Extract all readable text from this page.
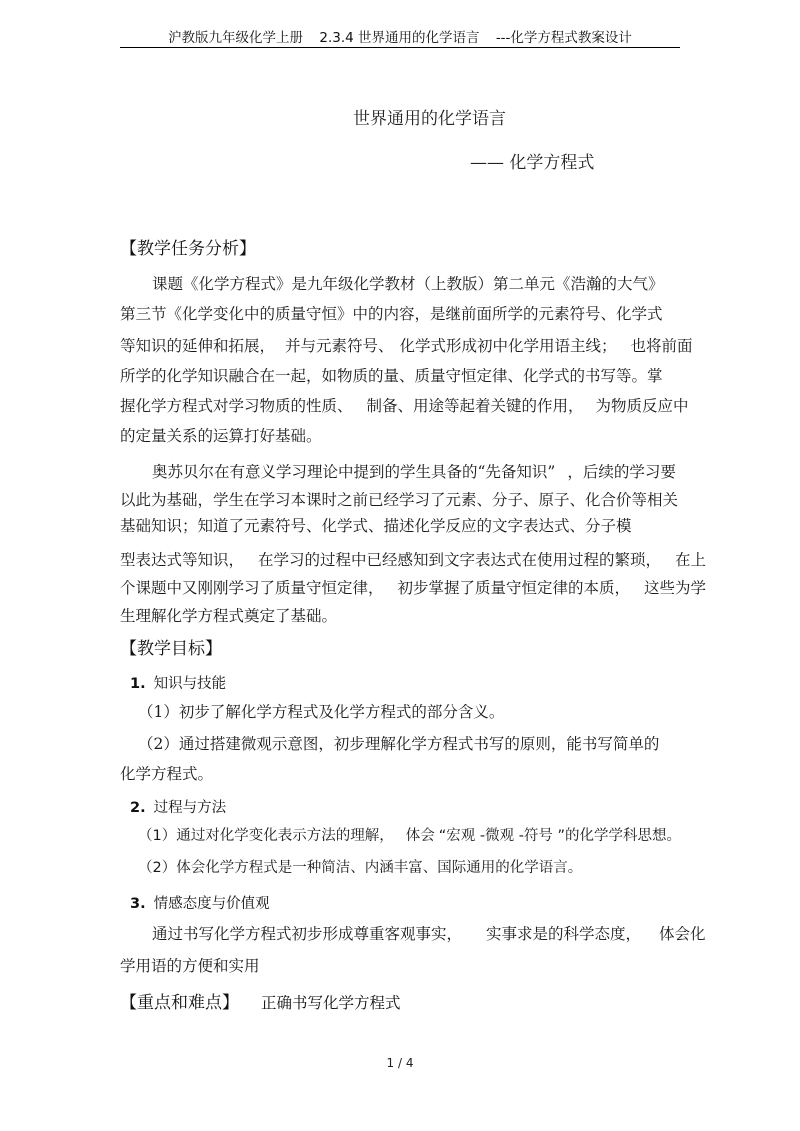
沪教版九年级化学上册 2.3.4 世界通用的化学语言 ---化学方程式教案设计
世界通用的化学语言
—— 化学方程式
【教学任务分析】
课题《化学方程式》是九年级化学教材（上教版）第二单元《浩瀚的大气》
第三节《化学变化中的质量守恒》中的内容，是继前面所学的元素符号、化学式
等知识的延伸和拓展， 并与元素符号、 化学式形成初中化学用语主线； 也将前面
所学的化学知识融合在一起，如物质的量、质量守恒定律、化学式的书写等。掌
握化学方程式对学习物质的性质、 制备、用途等起着关键的作用， 为物质反应中
的定量关系的运算打好基础。
奥苏贝尔在有意义学习理论中提到的学生具备的“先备知识” ，后续的学习要
以此为基础，学生在学习本课时之前已经学习了元素、分子、原子、化合价等相关
基础知识；知道了元素符号、化学式、描述化学反应的文字表达式、分子模
型表达式等知识， 在学习的过程中已经感知到文字表达式在使用过程的繁琐， 在上
个课题中又刚刚学习了质量守恒定律， 初步掌握了质量守恒定律的本质， 这些为学
生理解化学方程式奠定了基础。
【教学目标】
1. 知识与技能
（1）初步了解化学方程式及化学方程式的部分含义。
（2）通过搭建微观示意图，初步理解化学方程式书写的原则，能书写简单的
化学方程式。
2. 过程与方法
（1）通过对化学变化表示方法的理解， 体会 “宏观 -微观 -符号 ”的化学学科思想。
（2）体会化学方程式是一种简洁、内涵丰富、国际通用的化学语言。
3. 情感态度与价值观
通过书写化学方程式初步形成尊重客观事实， 实事求是的科学态度， 体会化
学用语的方便和实用
【重点和难点】 正确书写化学方程式
1 / 4
